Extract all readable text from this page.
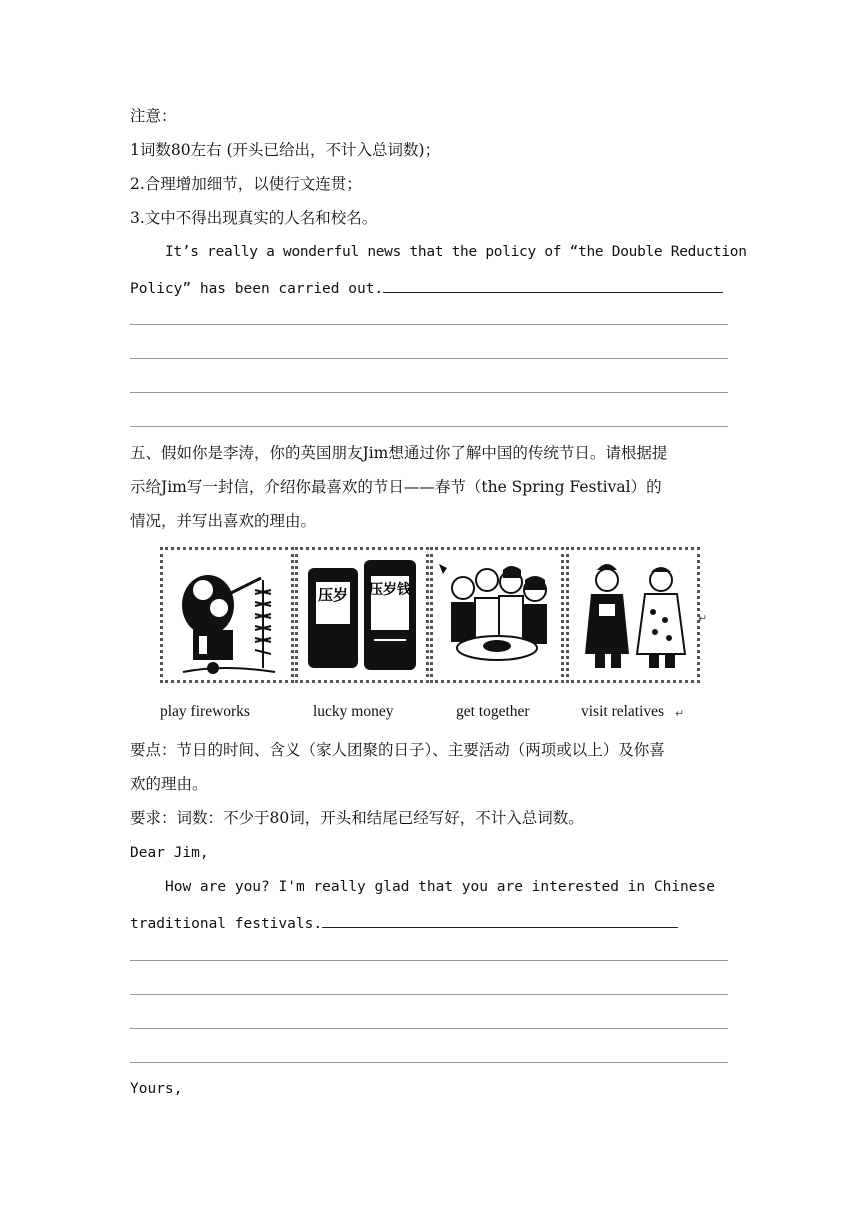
注意：
1词数80左右 (开头已给出，不计入总词数)；
2.合理增加细节，以使行文连贯；
3.文中不得出现真实的人名和校名。
It’s really a wonderful news that the policy of “the Double Reduction
Policy” has been carried out.
五、假如你是李涛，你的英国朋友Jim想通过你了解中国的传统节日。请根据提
示给Jim写一封信，介绍你最喜欢的节日——春节（the Spring Festival）的
情况，并写出喜欢的理由。
压岁 压岁钱
↵
play fireworks	lucky money	get together	visit relatives ↵
要点：节日的时间、含义（家人团聚的日子）、主要活动（两项或以上）及你喜
欢的理由。
要求：词数：不少于80词，开头和结尾已经写好，不计入总词数。
Dear Jim,
How are you? I'm really glad that you are interested in Chinese
traditional festivals.
Yours,
